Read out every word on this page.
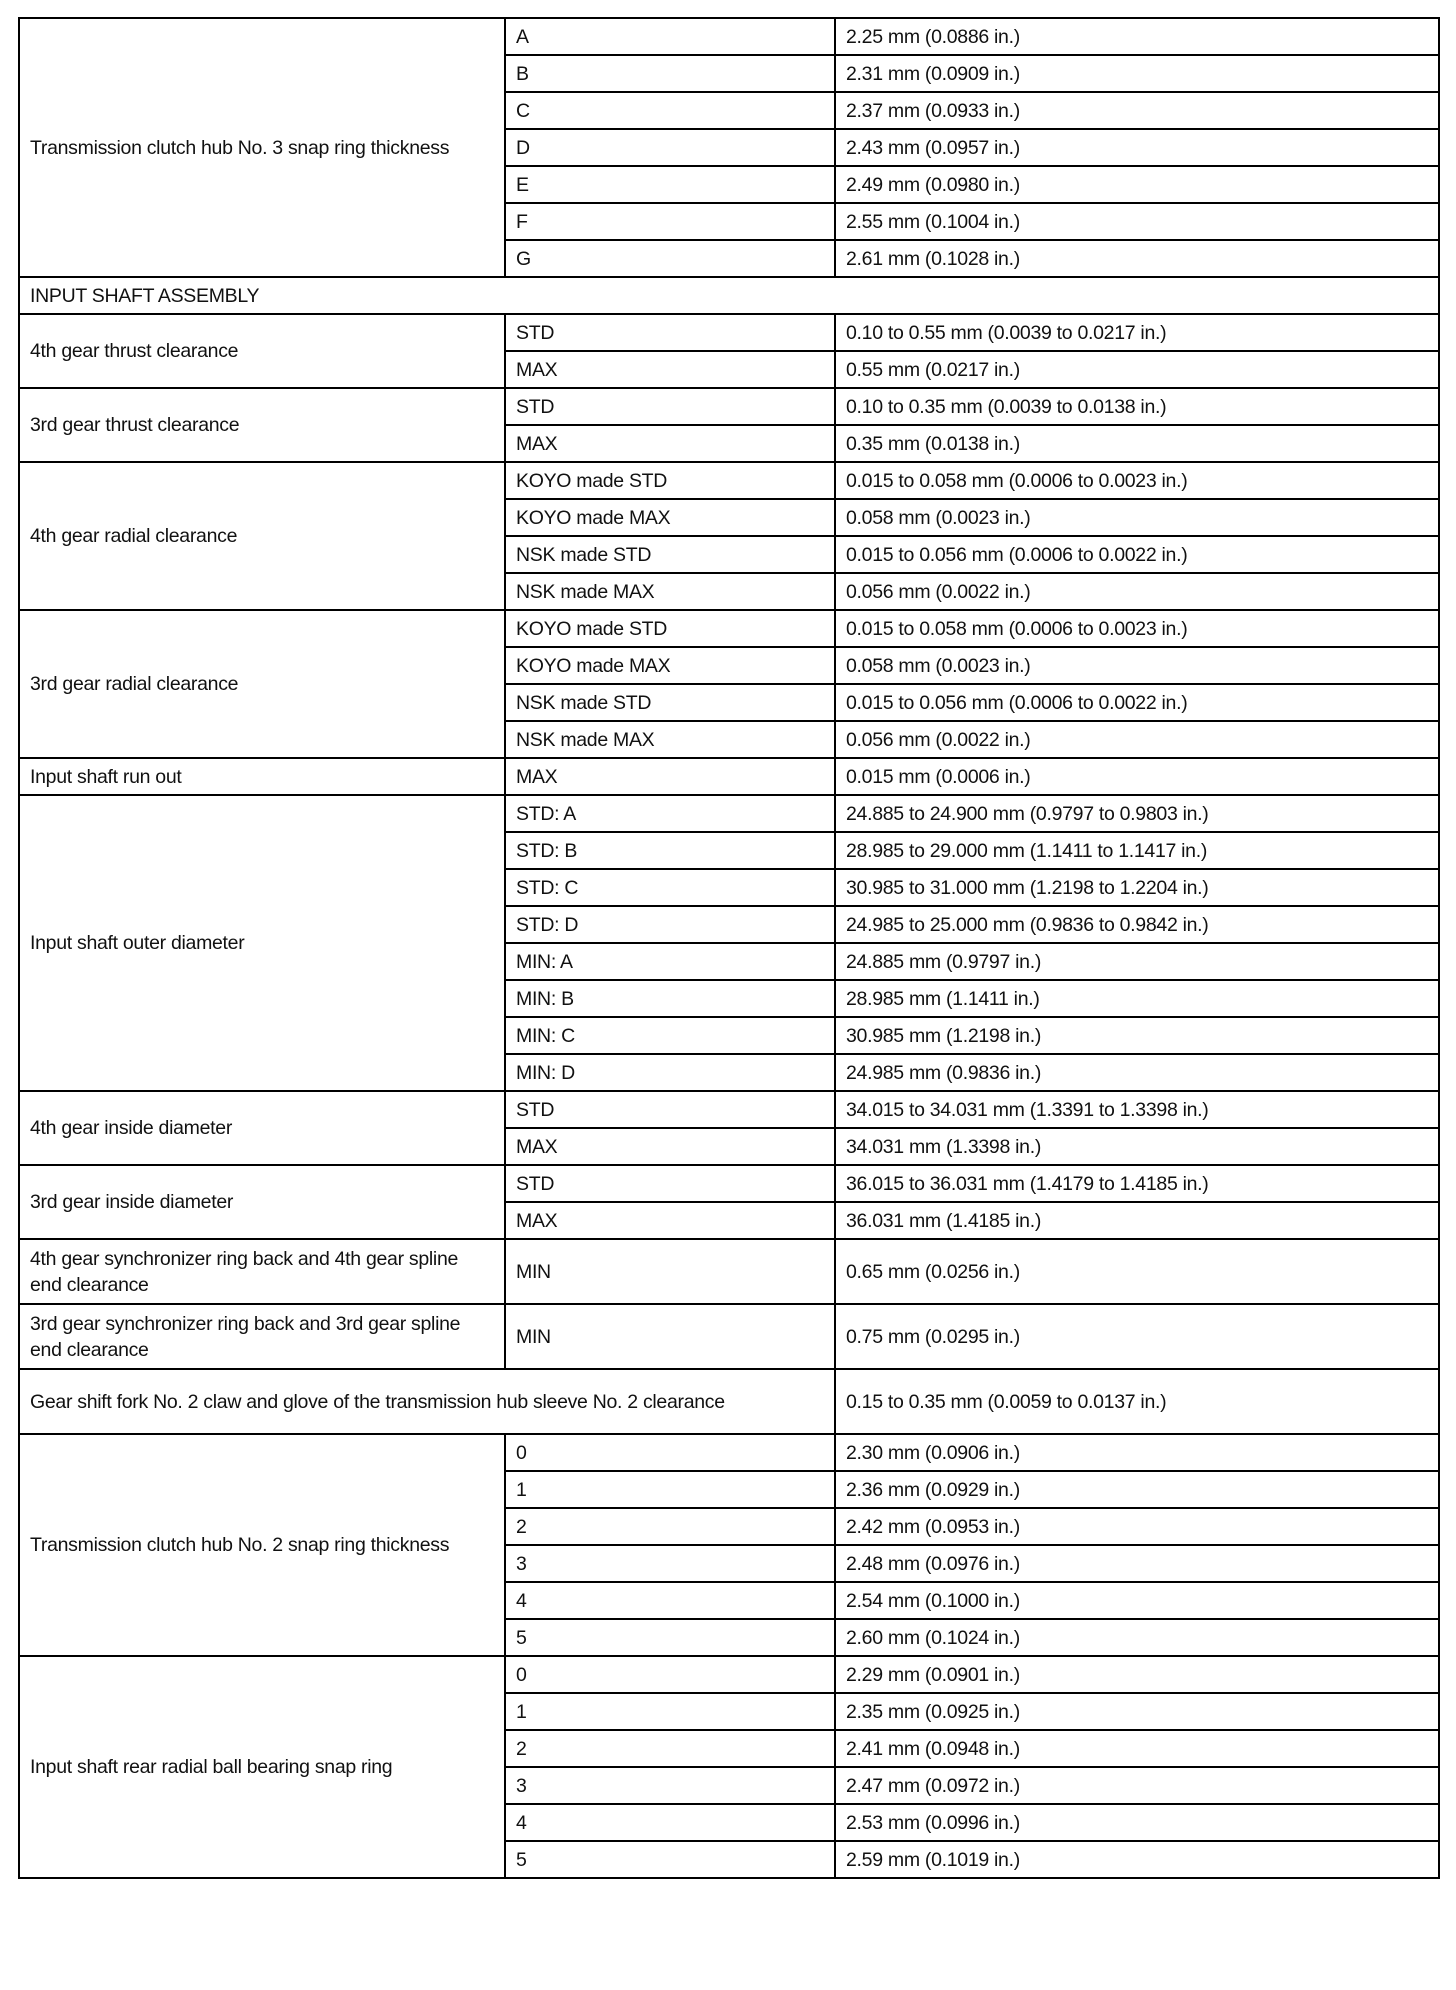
Transmission clutch hub No. 3 snap ring thickness	A	2.25 mm (0.0886 in.)
	B	2.31 mm (0.0909 in.)
	C	2.37 mm (0.0933 in.)
	D	2.43 mm (0.0957 in.)
	E	2.49 mm (0.0980 in.)
	F	2.55 mm (0.1004 in.)
	G	2.61 mm (0.1028 in.)
INPUT SHAFT ASSEMBLY		
4th gear thrust clearance	STD	0.10 to 0.55 mm (0.0039 to 0.0217 in.)
	MAX	0.55 mm (0.0217 in.)
3rd gear thrust clearance	STD	0.10 to 0.35 mm (0.0039 to 0.0138 in.)
	MAX	0.35 mm (0.0138 in.)
4th gear radial clearance	KOYO made STD	0.015 to 0.058 mm (0.0006 to 0.0023 in.)
	KOYO made MAX	0.058 mm (0.0023 in.)
	NSK made STD	0.015 to 0.056 mm (0.0006 to 0.0022 in.)
	NSK made MAX	0.056 mm (0.0022 in.)
3rd gear radial clearance	KOYO made STD	0.015 to 0.058 mm (0.0006 to 0.0023 in.)
	KOYO made MAX	0.058 mm (0.0023 in.)
	NSK made STD	0.015 to 0.056 mm (0.0006 to 0.0022 in.)
	NSK made MAX	0.056 mm (0.0022 in.)
Input shaft run out	MAX	0.015 mm (0.0006 in.)
Input shaft outer diameter	STD: A	24.885 to 24.900 mm (0.9797 to 0.9803 in.)
	STD: B	28.985 to 29.000 mm (1.1411 to 1.1417 in.)
	STD: C	30.985 to 31.000 mm (1.2198 to 1.2204 in.)
	STD: D	24.985 to 25.000 mm (0.9836 to 0.9842 in.)
	MIN: A	24.885 mm (0.9797 in.)
	MIN: B	28.985 mm (1.1411 in.)
	MIN: C	30.985 mm (1.2198 in.)
	MIN: D	24.985 mm (0.9836 in.)
4th gear inside diameter	STD	34.015 to 34.031 mm (1.3391 to 1.3398 in.)
	MAX	34.031 mm (1.3398 in.)
3rd gear inside diameter	STD	36.015 to 36.031 mm (1.4179 to 1.4185 in.)
	MAX	36.031 mm (1.4185 in.)
4th gear synchronizer ring back and 4th gear spline end clearance	MIN	0.65 mm (0.0256 in.)
3rd gear synchronizer ring back and 3rd gear spline end clearance	MIN	0.75 mm (0.0295 in.)
Gear shift fork No. 2 claw and glove of the transmission hub sleeve No. 2 clearance		0.15 to 0.35 mm (0.0059 to 0.0137 in.)
Transmission clutch hub No. 2 snap ring thickness	0	2.30 mm (0.0906 in.)
	1	2.36 mm (0.0929 in.)
	2	2.42 mm (0.0953 in.)
	3	2.48 mm (0.0976 in.)
	4	2.54 mm (0.1000 in.)
	5	2.60 mm (0.1024 in.)
Input shaft rear radial ball bearing snap ring	0	2.29 mm (0.0901 in.)
	1	2.35 mm (0.0925 in.)
	2	2.41 mm (0.0948 in.)
	3	2.47 mm (0.0972 in.)
	4	2.53 mm (0.0996 in.)
	5	2.59 mm (0.1019 in.)
